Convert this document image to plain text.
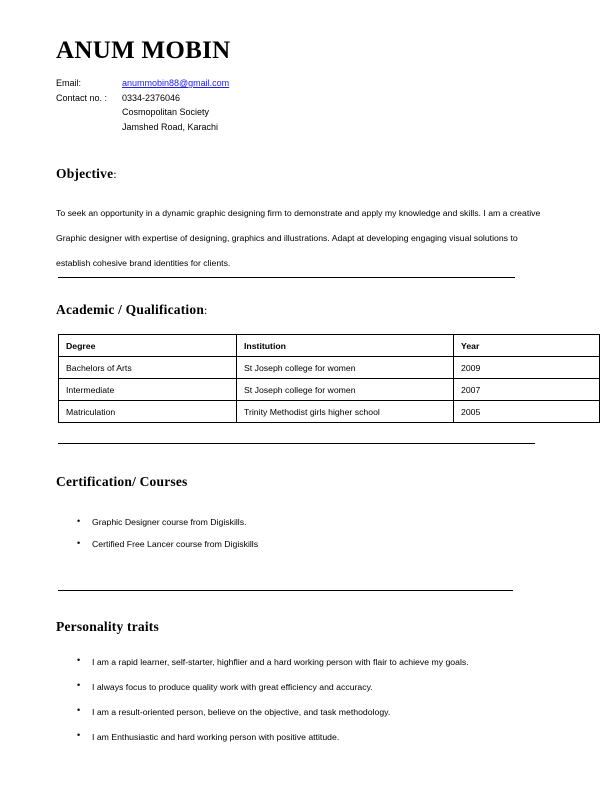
ANUM MOBIN
Email:	anummobin88@gmail.com
Contact no. :	0334-2376046
Cosmopolitan Society
Jamshed Road, Karachi
Objective:
To seek an opportunity in a dynamic graphic designing firm to demonstrate and apply my knowledge and skills. I am a creative Graphic designer with expertise of designing, graphics and illustrations. Adapt at developing engaging visual solutions to establish cohesive brand identities for clients.
Academic / Qualification:
Degree	Institution	Year
Bachelors of Arts	St Joseph college for women	2009
Intermediate	St Joseph college for women	2007
Matriculation	Trinity Methodist girls higher school	2005
Certification/ Courses
• Graphic Designer course from Digiskills.
• Certified Free Lancer course from Digiskills
Personality traits
• I am a rapid learner, self-starter, highflier and a hard working person with flair to achieve my goals.
• I always focus to produce quality work with great efficiency and accuracy.
• I am a result-oriented person, believe on the objective, and task methodology.
• I am Enthusiastic and hard working person with positive attitude.
